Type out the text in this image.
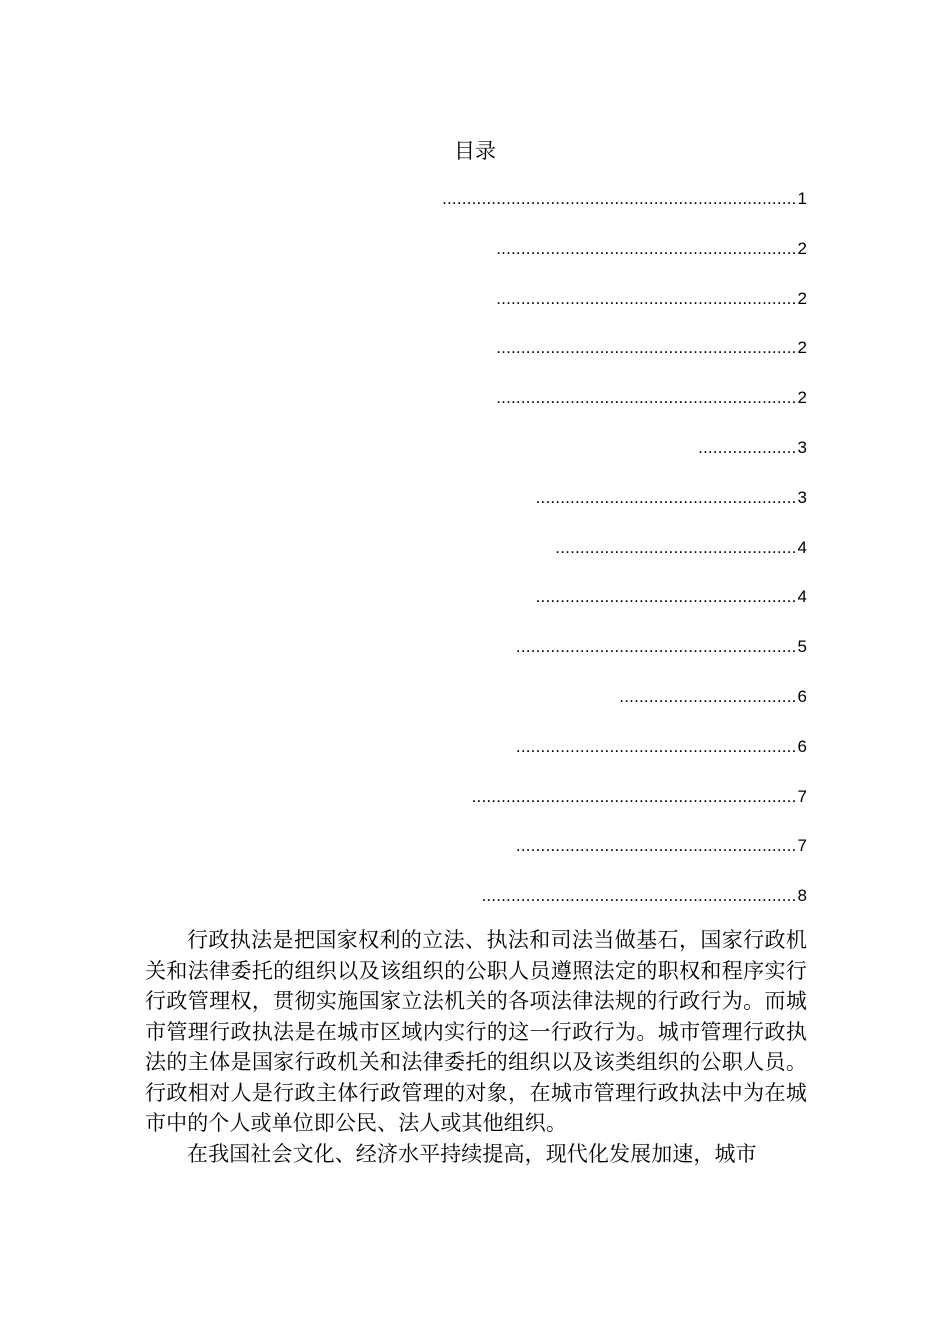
目录
........................................................................ 1
............................................................. 2
............................................................. 2
............................................................. 2
............................................................. 2
.................... 3
..................................................... 3
................................................. 4
..................................................... 4
......................................................... 5
.................................... 6
......................................................... 6
.................................................................. 7
......................................................... 7
................................................................ 8

行政执法是把国家权利的立法、执法和司法当做基石，国家行政机关和法律委托的组织以及该组织的公职人员遵照法定的职权和程序实行行政管理权，贯彻实施国家立法机关的各项法律法规的行政行为。而城市管理行政执法是在城市区域内实行的这一行政行为。城市管理行政执法的主体是国家行政机关和法律委托的组织以及该类组织的公职人员。行政相对人是行政主体行政管理的对象，在城市管理行政执法中为在城市中的个人或单位即公民、法人或其他组织。

在我国社会文化、经济水平持续提高，现代化发展加速，城市
